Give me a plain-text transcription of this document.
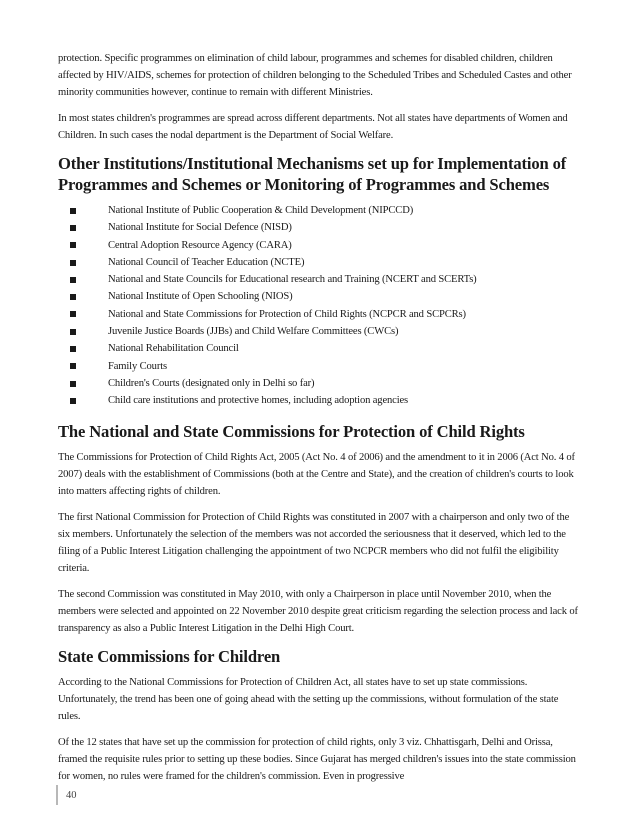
protection. Specific programmes on elimination of child labour, programmes and schemes for disabled children, children affected by HIV/AIDS, schemes for protection of children belonging to the Scheduled Tribes and Scheduled Castes and other minority communities however, continue to remain with different Ministries.

In most states children's programmes are spread across different departments. Not all states have departments of Women and Children. In such cases the nodal department is the Department of Social Welfare.

Other Institutions/Institutional Mechanisms set up for Implementation of Programmes and Schemes or Monitoring of Programmes and Schemes
National Institute of Public Cooperation & Child Development (NIPCCD)
National Institute for Social Defence (NISD)
Central Adoption Resource Agency (CARA)
National Council of Teacher Education (NCTE)
National and State Councils for Educational research and Training (NCERT and SCERTs)
National Institute of Open Schooling (NIOS)
National and State Commissions for Protection of Child Rights (NCPCR and SCPCRs)
Juvenile Justice Boards (JJBs) and Child Welfare Committees (CWCs)
National Rehabilitation Council
Family Courts
Children's Courts (designated only in Delhi so far)
Child care institutions and protective homes, including adoption agencies
The National and State Commissions for Protection of Child Rights

The Commissions for Protection of Child Rights Act, 2005 (Act No. 4 of 2006) and the amendment to it in 2006 (Act No. 4 of 2007) deals with the establishment of Commissions (both at the Centre and State), and the creation of children's courts to look into matters affecting rights of children.

The first National Commission for Protection of Child Rights was constituted in 2007 with a chairperson and only two of the six members. Unfortunately the selection of the members was not accorded the seriousness that it deserved, which led to the filing of a Public Interest Litigation challenging the appointment of two NCPCR members who did not fulfil the eligibility criteria.

The second Commission was constituted in May 2010, with only a Chairperson in place until November 2010, when the members were selected and appointed on 22 November 2010 despite great criticism regarding the selection process and lack of transparency as also a Public Interest Litigation in the Delhi High Court.

State Commissions for Children

According to the National Commissions for Protection of Children Act, all states have to set up state commissions. Unfortunately, the trend has been one of going ahead with the setting up the commissions, without formulation of the state rules.

Of the 12 states that have set up the commission for protection of child rights, only 3 viz. Chhattisgarh, Delhi and Orissa, framed the requisite rules prior to setting up these bodies. Since Gujarat has merged children's issues into the state commission for women, no rules were framed for the children's commission. Even in progressive

40
